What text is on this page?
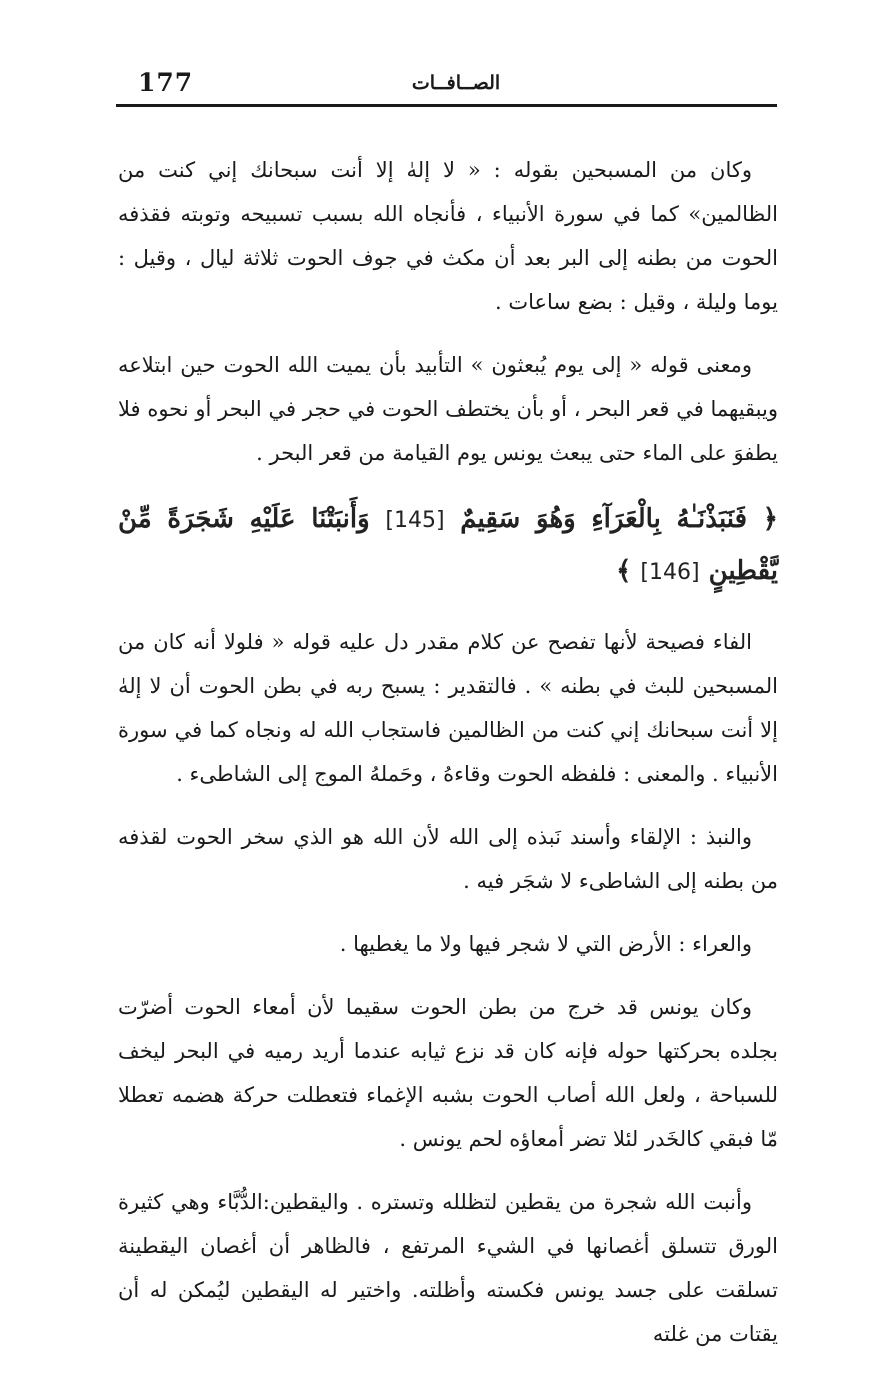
177	الصــافــات

وكان من المسبحين بقوله : « لا إلهٰ إلا أنت سبحانك إني كنت من الظالمين» كما في سورة الأنبياء ، فأنجاه الله بسبب تسبيحه وتوبته فقذفه الحوت من بطنه إلى البر بعد أن مكث في جوف الحوت ثلاثة ليال ، وقيل : يوما وليلة ، وقيل : بضع ساعات .

ومعنى قوله « إلى يوم يُبعثون » التأبيد بأن يميت الله الحوت حين ابتلاعه ويبقيهما في قعر البحر ، أو بأن يختطف الحوت في حجر في البحر أو نحوه فلا يطفوَ على الماء حتى يبعث يونس يوم القيامة من قعر البحر .

﴿ فَنَبَذْنَـٰهُ بِالْعَرَآءِ وَهُوَ سَقِيمٌ [145] وَأَنبَتْنَا عَلَيْهِ شَجَرَةً مِّنْ يَّقْطِينٍ [146] ﴾

الفاء فصيحة لأنها تفصح عن كلام مقدر دل عليه قوله « فلولا أنه كان من المسبحين للبث في بطنه » . فالتقدير : يسبح ربه في بطن الحوت أن لا إلهٰ إلا أنت سبحانك إني كنت من الظالمين فاستجاب الله له ونجاه كما في سورة الأنبياء . والمعنى : فلفظه الحوت وقاءهُ ، وحَملهُ الموج إلى الشاطىء .

والنبذ : الإلقاء وأسند نَبذه إلى الله لأن الله هو الذي سخر الحوت لقذفه من بطنه إلى الشاطىء لا شجَر فيه .

والعراء : الأرض التي لا شجر فيها ولا ما يغطيها .

وكان يونس قد خرج من بطن الحوت سقيما لأن أمعاء الحوت أضرّت بجلده بحركتها حوله فإنه كان قد نزع ثيابه عندما أريد رميه في البحر ليخف للسباحة ، ولعل الله أصاب الحوت بشبه الإغماء فتعطلت حركة هضمه تعطلا مّا فبقي كالخَدر لئلا تضر أمعاؤه لحم يونس .

وأنبت الله شجرة من يقطين لتظلله وتستره . واليقطين:الدُّبَّاء وهي كثيرة الورق تتسلق أغصانها في الشيء المرتفع ، فالظاهر أن أغصان اليقطينة تسلقت على جسد يونس فكسته وأظلته. واختير له اليقطين ليُمكن له أن يقتات من غلته
